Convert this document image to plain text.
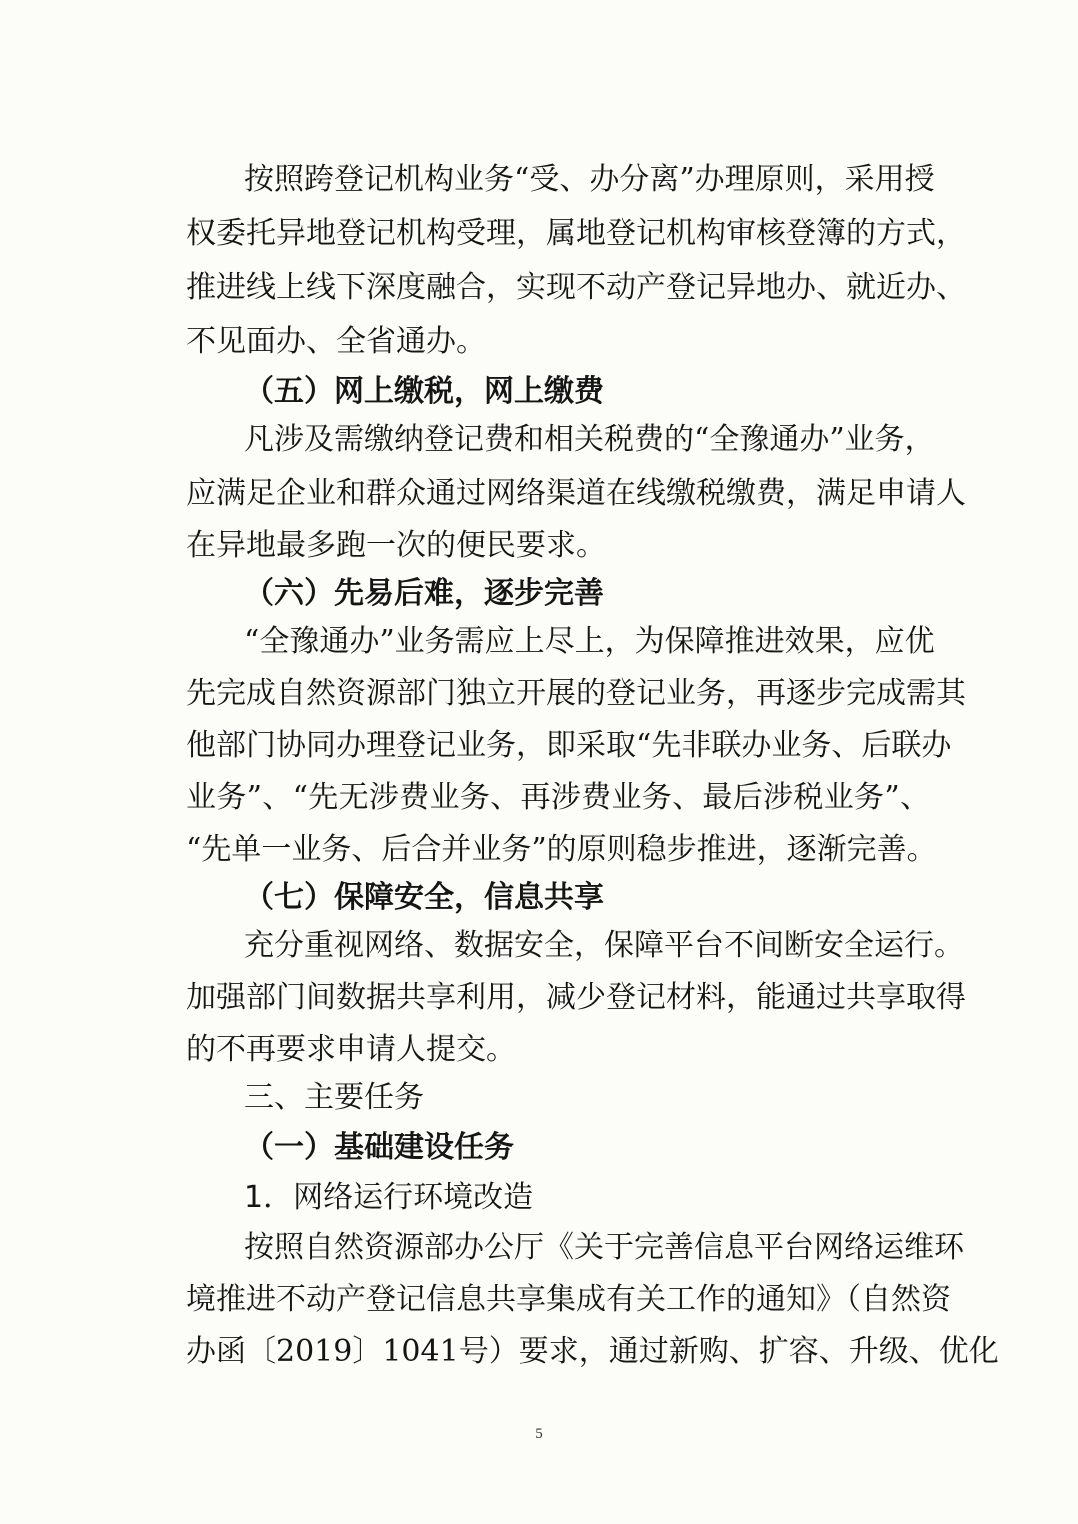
按照跨登记机构业务“受、办分离”办理原则，采用授
权委托异地登记机构受理，属地登记机构审核登簿的方式，
推进线上线下深度融合，实现不动产登记异地办、就近办、
不见面办、全省通办。
（五）网上缴税，网上缴费
凡涉及需缴纳登记费和相关税费的“全豫通办”业务，
应满足企业和群众通过网络渠道在线缴税缴费，满足申请人
在异地最多跑一次的便民要求。
（六）先易后难，逐步完善
“全豫通办”业务需应上尽上，为保障推进效果，应优
先完成自然资源部门独立开展的登记业务，再逐步完成需其
他部门协同办理登记业务，即采取“先非联办业务、后联办
业务”、“先无涉费业务、再涉费业务、最后涉税业务”、
“先单一业务、后合并业务”的原则稳步推进，逐渐完善。
（七）保障安全，信息共享
充分重视网络、数据安全，保障平台不间断安全运行。
加强部门间数据共享利用，减少登记材料，能通过共享取得
的不再要求申请人提交。
三、主要任务
（一）基础建设任务
1．网络运行环境改造
按照自然资源部办公厅《关于完善信息平台网络运维环
境推进不动产登记信息共享集成有关工作的通知》（自然资
办函〔2019〕1041号）要求，通过新购、扩容、升级、优化
5
